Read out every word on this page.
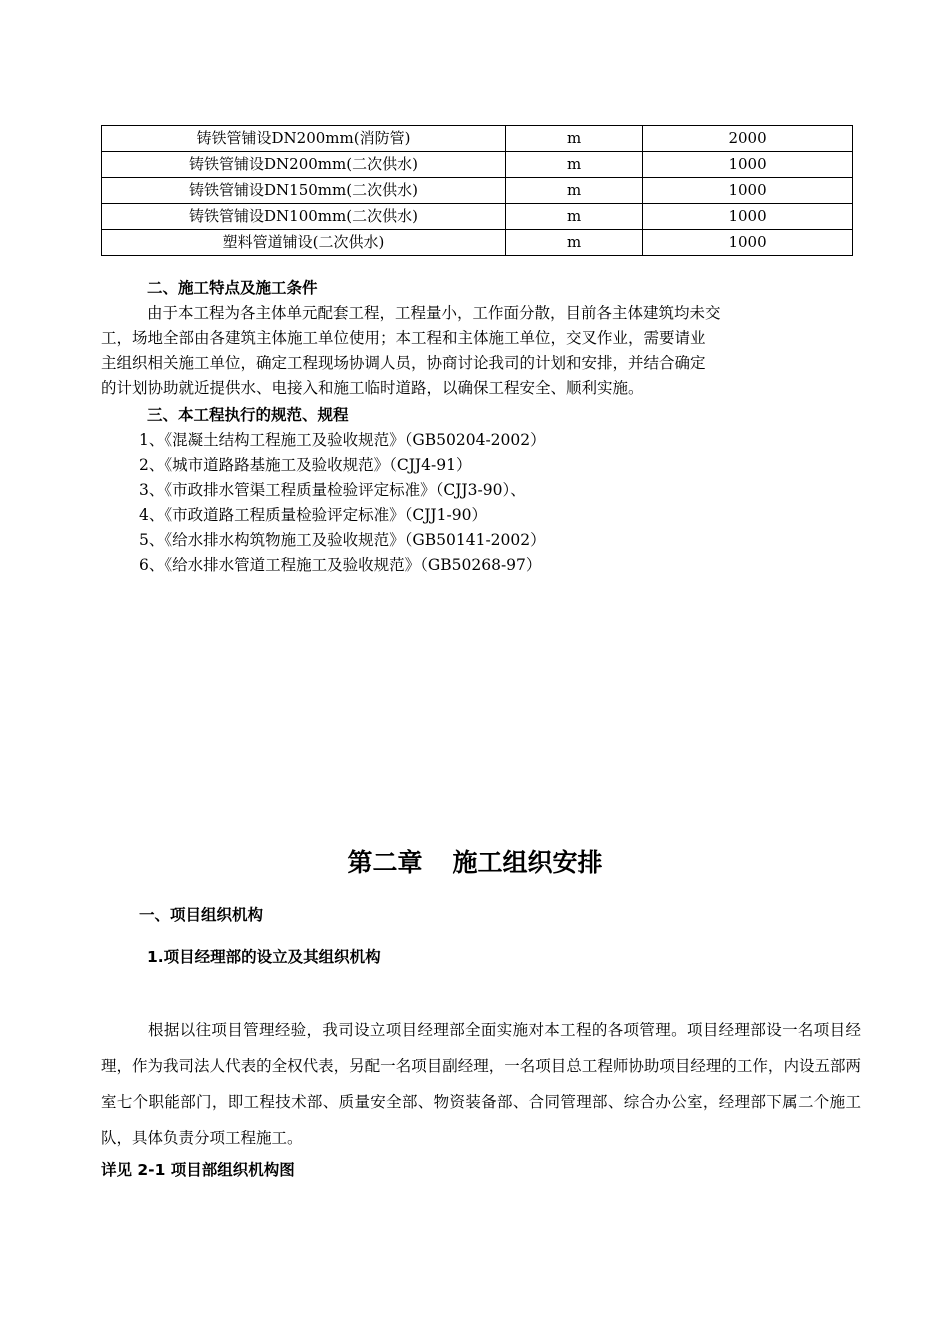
铸铁管铺设DN200mm(消防管)	m	2000
铸铁管铺设DN200mm(二次供水)	m	1000
铸铁管铺设DN150mm(二次供水)	m	1000
铸铁管铺设DN100mm(二次供水)	m	1000
塑料管道铺设(二次供水)	m	1000
二、施工特点及施工条件
由于本工程为各主体单元配套工程，工程量小，工作面分散，目前各主体建筑均未交
工，场地全部由各建筑主体施工单位使用；本工程和主体施工单位，交叉作业，需要请业
主组织相关施工单位，确定工程现场协调人员，协商讨论我司的计划和安排，并结合确定
的计划协助就近提供水、电接入和施工临时道路，以确保工程安全、顺利实施。
三、本工程执行的规范、规程
1、《混凝土结构工程施工及验收规范》（GB50204-2002）
2、《城市道路路基施工及验收规范》（CJJ4-91）
3、《市政排水管渠工程质量检验评定标准》（CJJ3-90）、
4、《市政道路工程质量检验评定标准》（CJJ1-90）
5、《给水排水构筑物施工及验收规范》（GB50141-2002）
6、《给水排水管道工程施工及验收规范》（GB50268-97）
第二章 施工组织安排
一、项目组织机构
1.项目经理部的设立及其组织机构
根据以往项目管理经验，我司设立项目经理部全面实施对本工程的各项管理。项目经理部设一名项目经理，作为我司法人代表的全权代表，另配一名项目副经理，一名项目总工程师协助项目经理的工作，内设五部两室七个职能部门，即工程技术部、质量安全部、物资装备部、合同管理部、综合办公室，经理部下属二个施工队，具体负责分项工程施工。
详见 2-1 项目部组织机构图
